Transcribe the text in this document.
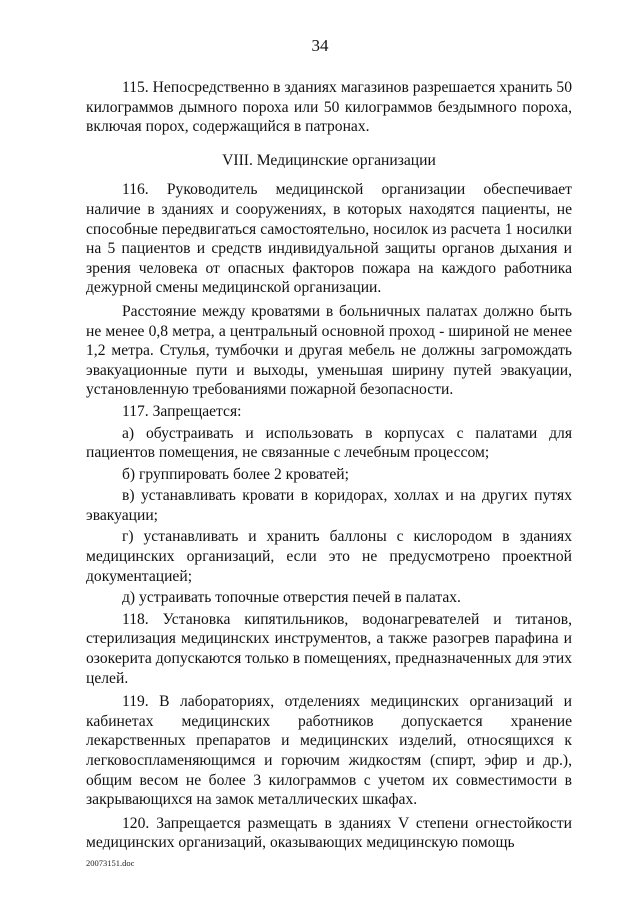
34

115. Непосредственно в зданиях магазинов разрешается хранить 50 килограммов дымного пороха или 50 килограммов бездымного пороха, включая порох, содержащийся в патронах.

VIII. Медицинские организации

116. Руководитель медицинской организации обеспечивает наличие в зданиях и сооружениях, в которых находятся пациенты, не способные передвигаться самостоятельно, носилок из расчета 1 носилки на 5 пациентов и средств индивидуальной защиты органов дыхания и зрения человека от опасных факторов пожара на каждого работника дежурной смены медицинской организации.

Расстояние между кроватями в больничных палатах должно быть не менее 0,8 метра, а центральный основной проход - шириной не менее 1,2 метра. Стулья, тумбочки и другая мебель не должны загромождать эвакуационные пути и выходы, уменьшая ширину путей эвакуации, установленную требованиями пожарной безопасности.

117. Запрещается:

а) обустраивать и использовать в корпусах с палатами для пациентов помещения, не связанные с лечебным процессом;

б) группировать более 2 кроватей;

в) устанавливать кровати в коридорах, холлах и на других путях эвакуации;

г) устанавливать и хранить баллоны с кислородом в зданиях медицинских организаций, если это не предусмотрено проектной документацией;

д) устраивать топочные отверстия печей в палатах.

118. Установка кипятильников, водонагревателей и титанов, стерилизация медицинских инструментов, а также разогрев парафина и озокерита допускаются только в помещениях, предназначенных для этих целей.

119. В лабораториях, отделениях медицинских организаций и кабинетах медицинских работников допускается хранение лекарственных препаратов и медицинских изделий, относящихся к легковоспламеняющимся и горючим жидкостям (спирт, эфир и др.), общим весом не более 3 килограммов с учетом их совместимости в закрывающихся на замок металлических шкафах.

120. Запрещается размещать в зданиях V степени огнестойкости медицинских организаций, оказывающих медицинскую помощь

20073151.doc
